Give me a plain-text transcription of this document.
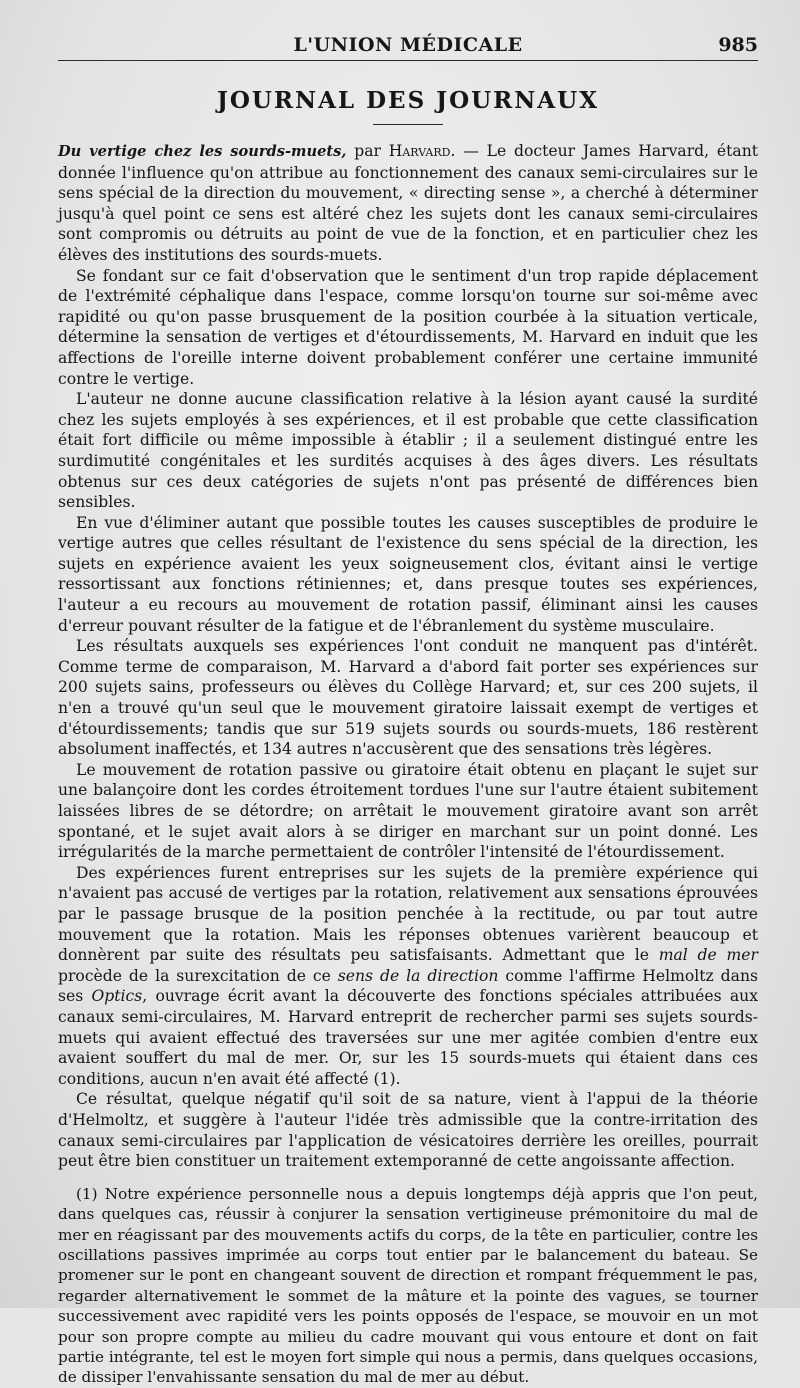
L'UNION MÉDICALE	985
JOURNAL DES JOURNAUX

Du vertige chez les sourds-muets, par Harvard. — Le docteur James Harvard, étant donnée l'influence qu'on attribue au fonctionnement des canaux semi-circulaires sur le sens spécial de la direction du mouvement, « directing sense », a cherché à déterminer jusqu'à quel point ce sens est altéré chez les sujets dont les canaux semi-circulaires sont compromis ou détruits au point de vue de la fonction, et en particulier chez les élèves des institutions des sourds-muets.

Se fondant sur ce fait d'observation que le sentiment d'un trop rapide déplacement de l'extrémité céphalique dans l'espace, comme lorsqu'on tourne sur soi-même avec rapidité ou qu'on passe brusquement de la position courbée à la situation verticale, détermine la sensation de vertiges et d'étourdissements, M. Harvard en induit que les affections de l'oreille interne doivent probablement conférer une certaine immunité contre le vertige.

L'auteur ne donne aucune classification relative à la lésion ayant causé la surdité chez les sujets employés à ses expériences, et il est probable que cette classification était fort difficile ou même impossible à établir ; il a seulement distingué entre les surdimutité congénitales et les surdités acquises à des âges divers. Les résultats obtenus sur ces deux catégories de sujets n'ont pas présenté de différences bien sensibles.

En vue d'éliminer autant que possible toutes les causes susceptibles de produire le vertige autres que celles résultant de l'existence du sens spécial de la direction, les sujets en expérience avaient les yeux soigneusement clos, évitant ainsi le vertige ressortissant aux fonctions rétiniennes; et, dans presque toutes ses expériences, l'auteur a eu recours au mouvement de rotation passif, éliminant ainsi les causes d'erreur pouvant résulter de la fatigue et de l'ébranlement du système musculaire.

Les résultats auxquels ses expériences l'ont conduit ne manquent pas d'intérêt. Comme terme de comparaison, M. Harvard a d'abord fait porter ses expériences sur 200 sujets sains, professeurs ou élèves du Collège Harvard; et, sur ces 200 sujets, il n'en a trouvé qu'un seul que le mouvement giratoire laissait exempt de vertiges et d'étourdissements; tandis que sur 519 sujets sourds ou sourds-muets, 186 restèrent absolument inaffectés, et 134 autres n'accusèrent que des sensations très légères.

Le mouvement de rotation passive ou giratoire était obtenu en plaçant le sujet sur une balançoire dont les cordes étroitement tordues l'une sur l'autre étaient subitement laissées libres de se détordre; on arrêtait le mouvement giratoire avant son arrêt spontané, et le sujet avait alors à se diriger en marchant sur un point donné. Les irrégularités de la marche permettaient de contrôler l'intensité de l'étourdissement.

Des expériences furent entreprises sur les sujets de la première expérience qui n'avaient pas accusé de vertiges par la rotation, relativement aux sensations éprouvées par le passage brusque de la position penchée à la rectitude, ou par tout autre mouvement que la rotation. Mais les réponses obtenues varièrent beaucoup et donnèrent par suite des résultats peu satisfaisants. Admettant que le mal de mer procède de la surexcitation de ce sens de la direction comme l'affirme Helmoltz dans ses Optics, ouvrage écrit avant la découverte des fonctions spéciales attribuées aux canaux semi-circulaires, M. Harvard entreprit de rechercher parmi ses sujets sourds-muets qui avaient effectué des traversées sur une mer agitée combien d'entre eux avaient souffert du mal de mer. Or, sur les 15 sourds-muets qui étaient dans ces conditions, aucun n'en avait été affecté (1).

Ce résultat, quelque négatif qu'il soit de sa nature, vient à l'appui de la théorie d'Helmoltz, et suggère à l'auteur l'idée très admissible que la contre-irritation des canaux semi-circulaires par l'application de vésicatoires derrière les oreilles, pourrait peut être bien constituer un traitement extemporanné de cette angoissante affection.

(1) Notre expérience personnelle nous a depuis longtemps déjà appris que l'on peut, dans quelques cas, réussir à conjurer la sensation vertigineuse prémonitoire du mal de mer en réagissant par des mouvements actifs du corps, de la tête en particulier, contre les oscillations passives imprimée au corps tout entier par le balancement du bateau. Se promener sur le pont en changeant souvent de direction et rompant fréquemment le pas, regarder alternativement le sommet de la mâture et la pointe des vagues, se tourner successivement avec rapidité vers les points opposés de l'espace, se mouvoir en un mot pour son propre compte au milieu du cadre mouvant qui vous entoure et dont on fait partie intégrante, tel est le moyen fort simple qui nous a permis, dans quelques occasions, de dissiper l'envahissante sensation du mal de mer au début.
